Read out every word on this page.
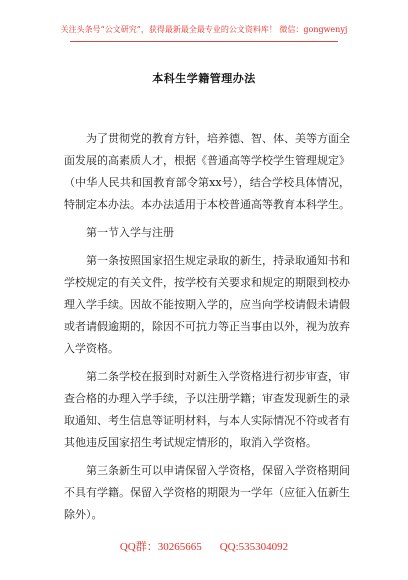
关注头条号“公文研究”，获得最新最全最专业的公文资料库！ 微信：gongwenyj
本科生学籍管理办法

为了贯彻党的教育方针，培养德、智、体、美等方面全面发展的高素质人才，根据《普通高等学校学生管理规定》（中华人民共和国教育部令第xx号），结合学校具体情况，特制定本办法。本办法适用于本校普通高等教育本科学生。

第一节入学与注册

第一条按照国家招生规定录取的新生，持录取通知书和学校规定的有关文件，按学校有关要求和规定的期限到校办理入学手续。因故不能按期入学的，应当向学校请假未请假或者请假逾期的，除因不可抗力等正当事由以外，视为放弃入学资格。

第二条学校在报到时对新生入学资格进行初步审查，审查合格的办理入学手续，予以注册学籍；审查发现新生的录取通知、考生信息等证明材料，与本人实际情况不符或者有其他违反国家招生考试规定情形的，取消入学资格。

第三条新生可以申请保留入学资格，保留入学资格期间不具有学籍。保留入学资格的期限为一学年（应征入伍新生除外）。

QQ群：30265665 QQ:535304092
